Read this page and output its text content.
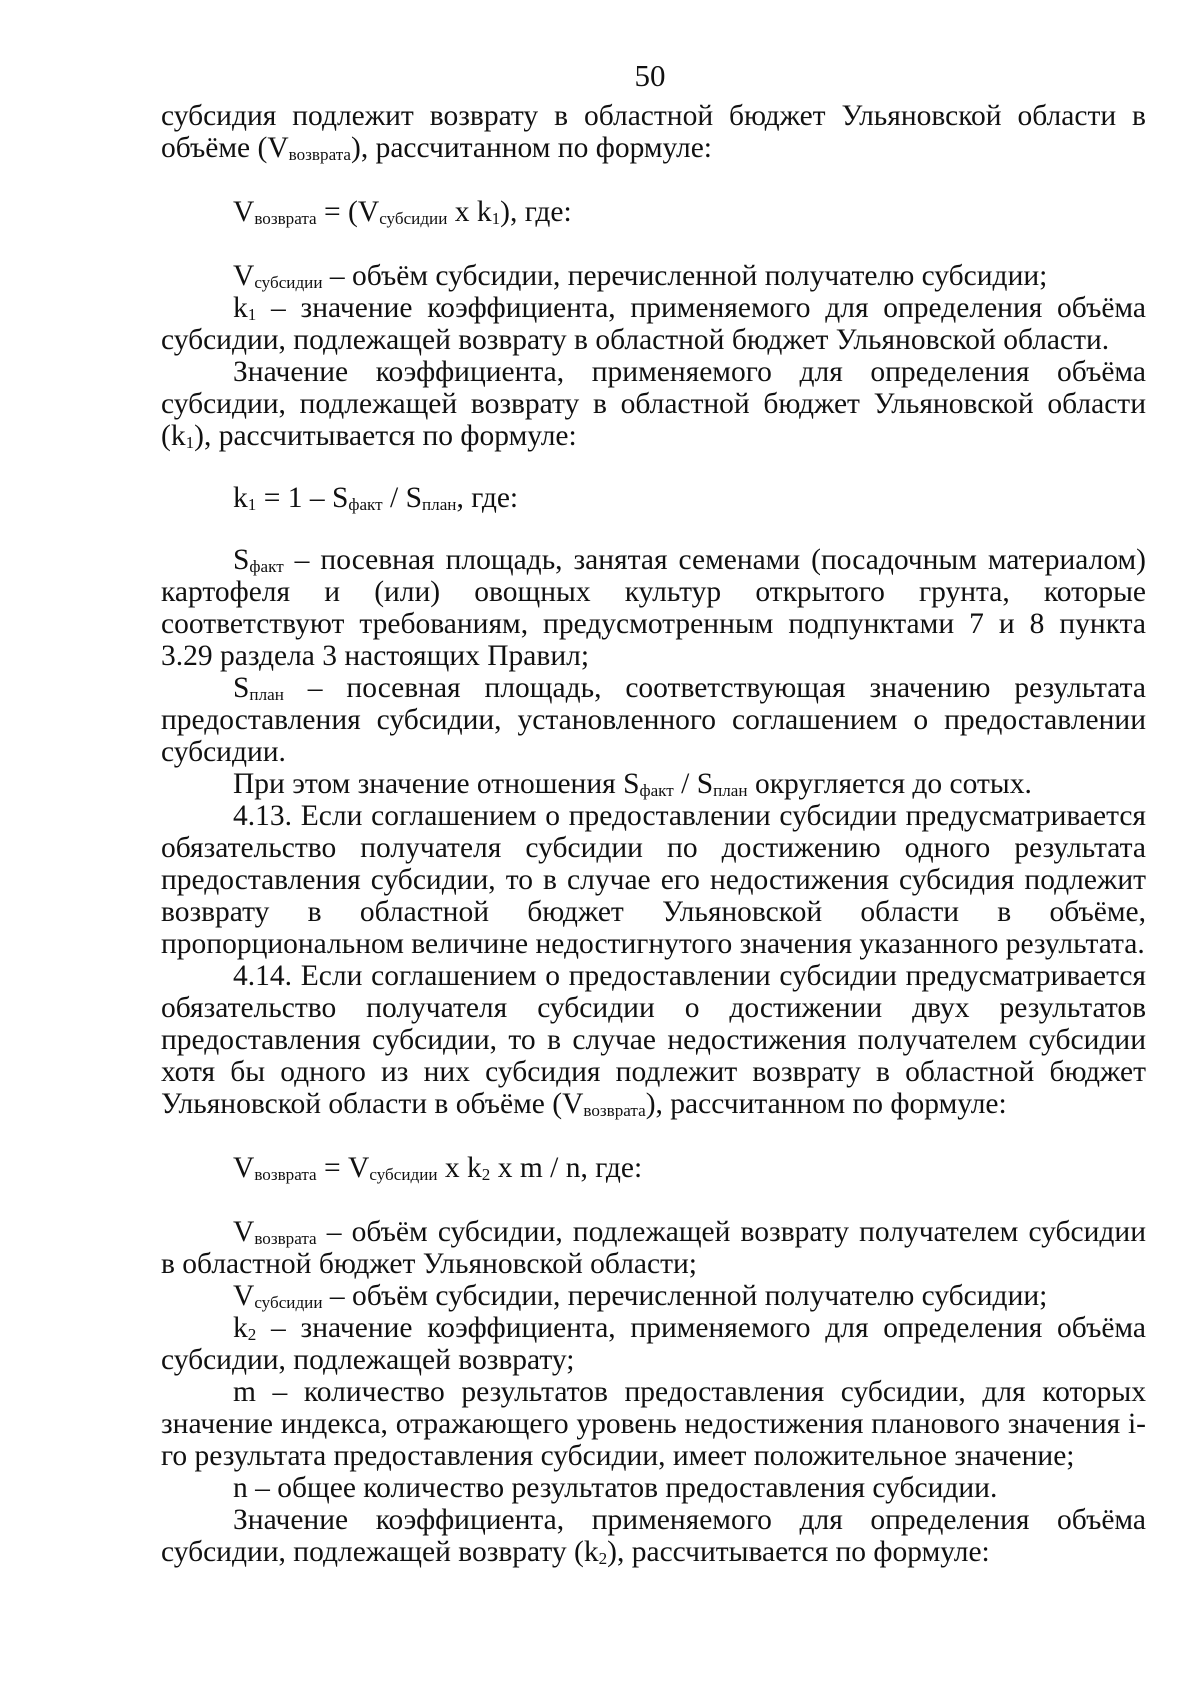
50

субсидия подлежит возврату в областной бюджет Ульяновской области в объёме $(V_{возврата})$, рассчитанном по формуле:

$V_{возврата} = (V_{субсидии}$ x $k_1$), где:

$V_{субсидии}$ – объём субсидии, перечисленной получателю субсидии;

$k_1$ – значение коэффициента, применяемого для определения объёма субсидии, подлежащей возврату в областной бюджет Ульяновской области.

Значение коэффициента, применяемого для определения объёма субсидии, подлежащей возврату в областной бюджет Ульяновской области $(k_1)$, рассчитывается по формуле:

$k_1 = 1 - S_{факт} / S_{план}$, где:

$S_{факт}$ – посевная площадь, занятая семенами (посадочным материалом) картофеля и (или) овощных культур открытого грунта, которые соответствуют требованиям, предусмотренным подпунктами 7 и 8 пункта 3.29 раздела 3 настоящих Правил;

$S_{план}$ – посевная площадь, соответствующая значению результата предоставления субсидии, установленного соглашением о предоставлении субсидии.

При этом значение отношения $S_{факт} / S_{план}$ округляется до сотых.

4.13. Если соглашением о предоставлении субсидии предусматривается обязательство получателя субсидии по достижению одного результата предоставления субсидии, то в случае его недостижения субсидия подлежит возврату в областной бюджет Ульяновской области в объёме, пропорциональном величине недостигнутого значения указанного результата.

4.14. Если соглашением о предоставлении субсидии предусматривается обязательство получателя субсидии о достижении двух результатов предоставления субсидии, то в случае недостижения получателем субсидии хотя бы одного из них субсидия подлежит возврату в областной бюджет Ульяновской области в объёме $(V_{возврата})$, рассчитанном по формуле:

$V_{возврата} = V_{субсидии}$ x $k_2$ x m / n, где:

$V_{возврата}$ – объём субсидии, подлежащей возврату получателем субсидии в областной бюджет Ульяновской области;

$V_{субсидии}$ – объём субсидии, перечисленной получателю субсидии;

$k_2$ – значение коэффициента, применяемого для определения объёма субсидии, подлежащей возврату;

m – количество результатов предоставления субсидии, для которых значение индекса, отражающего уровень недостижения планового значения i-го результата предоставления субсидии, имеет положительное значение;

n – общее количество результатов предоставления субсидии.

Значение коэффициента, применяемого для определения объёма субсидии, подлежащей возврату $(k_2)$, рассчитывается по формуле:
